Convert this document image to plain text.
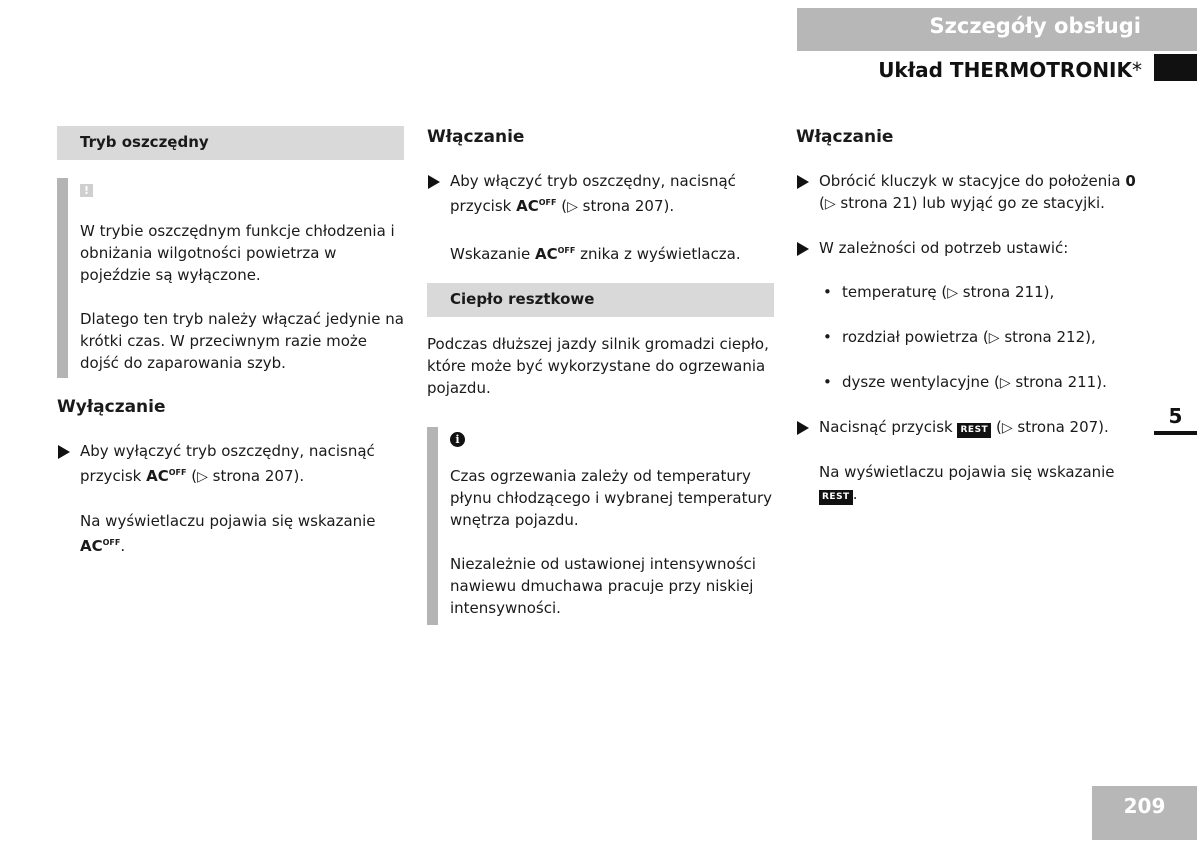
Szczegóły obsługi
Układ THERMOTRONIK*
5
209
Tryb oszczędny

!

W trybie oszczędnym funkcje chłodzenia i obniżania wilgotności powietrza w pojeździe są wyłączone.

Dlatego ten tryb należy włączać jedynie na krótki czas. W przeciwnym razie może dojść do zaparowania szyb.

Wyłączanie
Aby wyłączyć tryb oszczędny, nacisnąć przycisk $AC^{OFF}$ (▷ strona 207).
Na wyświetlaczu pojawia się wskazanie
$AC^{OFF}$.
Włączanie
Aby włączyć tryb oszczędny, nacisnąć przycisk $AC^{OFF}$ (▷ strona 207).
Wskazanie $AC^{OFF}$ znika z wyświetlacza.
Ciepło resztkowe

Podczas dłuższej jazdy silnik gromadzi ciepło, które może być wykorzystane do ogrzewania pojazdu.

i

Czas ogrzewania zależy od temperatury płynu chłodzącego i wybranej temperatury wnętrza pojazdu.

Niezależnie od ustawionej intensywności nawiewu dmuchawa pracuje przy niskiej intensywności.

Włączanie
Obrócić kluczyk w stacyjce do położenia 0
(▷ strona 21) lub wyjąć go ze stacyjki.
W zależności od potrzeb ustawić:
• temperaturę (▷ strona 211),
• rozdział powietrza (▷ strona 212),
• dysze wentylacyjne (▷ strona 211).
Nacisnąć przycisk REST (▷ strona 207).
Na wyświetlaczu pojawia się wskazanie REST .
